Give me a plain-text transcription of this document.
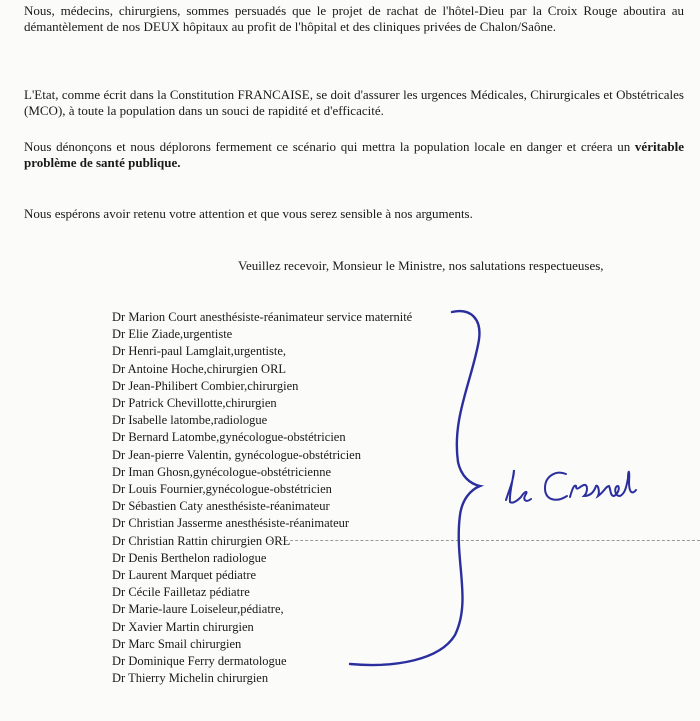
Nous, médecins, chirurgiens, sommes persuadés que le projet de rachat de l'hôtel-Dieu par la Croix Rouge aboutira au démantèlement de nos DEUX hôpitaux au profit de l'hôpital et des cliniques privées de Chalon/Saône.

L'Etat, comme écrit dans la Constitution FRANCAISE, se doit d'assurer les urgences Médicales, Chirurgicales et Obstétricales (MCO), à toute la population dans un souci de rapidité et d'efficacité.

Nous dénonçons et nous déplorons fermement ce scénario qui mettra la population locale en danger et créera un véritable problème de santé publique.

Nous espérons avoir retenu votre attention et que vous serez sensible à nos arguments.

Veuillez recevoir, Monsieur le Ministre, nos salutations respectueuses,

Dr Marion Court anesthésiste-réanimateur service maternité
Dr Elie Ziade,urgentiste
Dr Henri-paul Lamglait,urgentiste,
Dr Antoine Hoche,chirurgien ORL
Dr Jean-Philibert Combier,chirurgien
Dr Patrick Chevillotte,chirurgien
Dr Isabelle latombe,radiologue
Dr Bernard Latombe,gynécologue-obstétricien
Dr Jean-pierre Valentin, gynécologue-obstétricien
Dr Iman Ghosn,gynécologue-obstétricienne
Dr Louis Fournier,gynécologue-obstétricien
Dr Sébastien Caty anesthésiste-réanimateur
Dr Christian Jasserme anesthésiste-réanimateur
Dr Christian Rattin chirurgien ORL
Dr Denis Berthelon radiologue
Dr Laurent Marquet pédiatre
Dr Cécile Failletaz pédiatre
Dr Marie-laure Loiseleur,pédiatre,
Dr Xavier Martin chirurgien
Dr Marc Smail chirurgien
Dr Dominique Ferry dermatologue
Dr Thierry Michelin chirurgien
